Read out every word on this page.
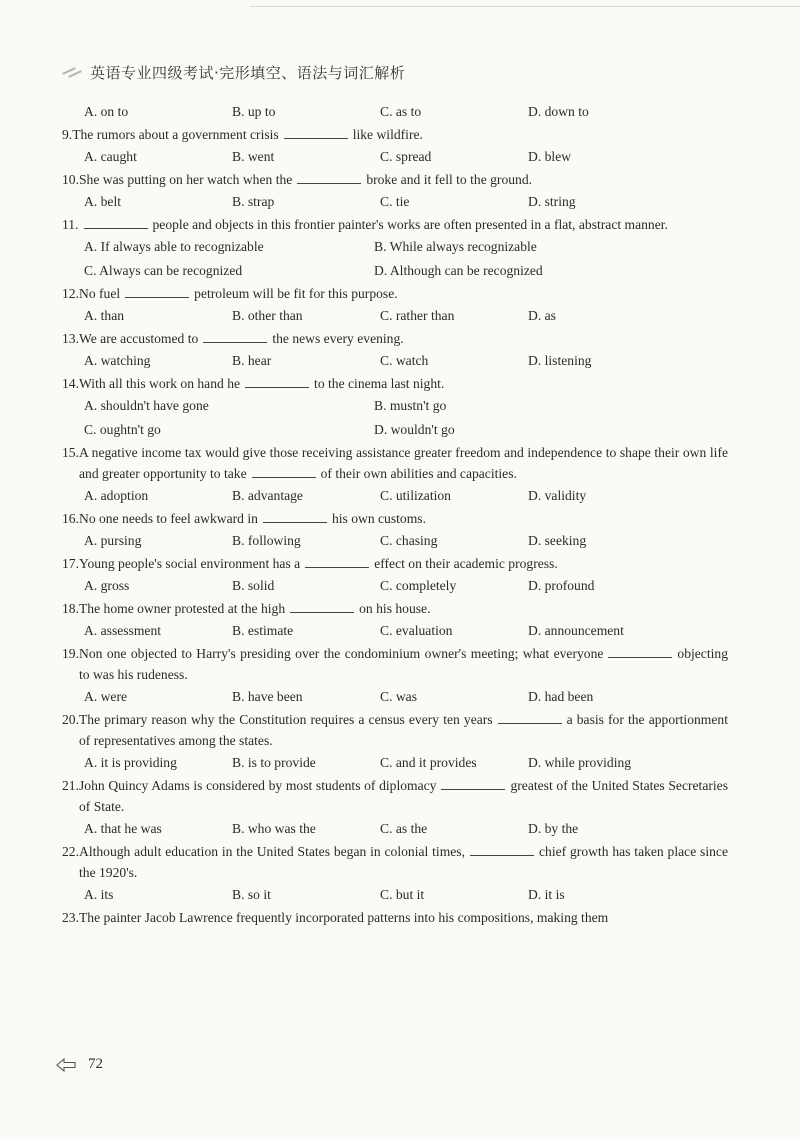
英语专业四级考试·完形填空、语法与词汇解析
A. on to	B. up to	C. as to	D. down to
9. The rumors about a government crisis	like wildfire.
A. caught	B. went	C. spread	D. blew
10. She was putting on her watch when the	broke and it fell to the ground.
A. belt	B. strap	C. tie	D. string
11.	people and objects in this frontier painter's works are often presented in a flat, abstract manner.
A. If always able to recognizable	B. While always recognizable
C. Always can be recognized	D. Although can be recognized
12. No fuel	petroleum will be fit for this purpose.
A. than	B. other than	C. rather than	D. as
13. We are accustomed to	the news every evening.
A. watching	B. hear	C. watch	D. listening
14. With all this work on hand he	to the cinema last night.
A. shouldn't have gone	B. mustn't go
C. oughtn't go	D. wouldn't go
15. A negative income tax would give those receiving assistance greater freedom and independence to shape their own life and greater opportunity to take	of their own abilities and capacities.
A. adoption	B. advantage	C. utilization	D. validity
16. No one needs to feel awkward in	his own customs.
A. pursing	B. following	C. chasing	D. seeking
17. Young people's social environment has a	effect on their academic progress.
A. gross	B. solid	C. completely	D. profound
18. The home owner protested at the high	on his house.
A. assessment	B. estimate	C. evaluation	D. announcement
19. Non one objected to Harry's presiding over the condominium owner's meeting; what everyone	objecting to was his rudeness.
A. were	B. have been	C. was	D. had been
20. The primary reason why the Constitution requires a census every ten years	a basis for the apportionment of representatives among the states.
A. it is providing	B. is to provide	C. and it provides	D. while providing
21. John Quincy Adams is considered by most students of diplomacy	greatest of the United States Secretaries of State.
A. that he was	B. who was the	C. as the	D. by the
22. Although adult education in the United States began in colonial times,	chief growth has taken place since the 1920's.
A. its	B. so it	C. but it	D. it is
23. The painter Jacob Lawrence frequently incorporated patterns into his compositions, making them
72
